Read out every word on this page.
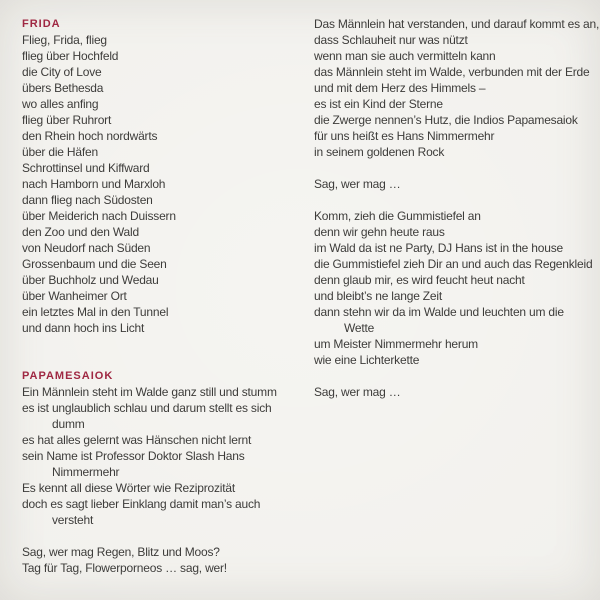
FRIDA
Flieg, Frida, flieg
flieg über Hochfeld
die City of Love
übers Bethesda
wo alles anfing
flieg über Ruhrort
den Rhein hoch nordwärts
über die Häfen
Schrottinsel und Kiffward
nach Hamborn und Marxloh
dann flieg nach Südosten
über Meiderich nach Duissern
den Zoo und den Wald
von Neudorf nach Süden
Grossenbaum und die Seen
über Buchholz und Wedau
über Wanheimer Ort
ein letztes Mal in den Tunnel
und dann hoch ins Licht
PAPAMESAIOK
Ein Männlein steht im Walde ganz still und stumm
es ist unglaublich schlau und darum stellt es sich
dumm
es hat alles gelernt was Hänschen nicht lernt
sein Name ist Professor Doktor Slash Hans
Nimmermehr
Es kennt all diese Wörter wie Reziprozität
doch es sagt lieber Einklang damit man’s auch
versteht
Sag, wer mag Regen, Blitz und Moos?
Tag für Tag, Flowerporneos … sag, wer!
Das Männlein hat verstanden, und darauf kommt es an,
dass Schlauheit nur was nützt
wenn man sie auch vermitteln kann
das Männlein steht im Walde, verbunden mit der Erde
und mit dem Herz des Himmels –
es ist ein Kind der Sterne
die Zwerge nennen’s Hutz, die Indios Papamesaiok
für uns heißt es Hans Nimmermehr
in seinem goldenen Rock
Sag, wer mag …
Komm, zieh die Gummistiefel an
denn wir gehn heute raus
im Wald da ist ne Party, DJ Hans ist in the house
die Gummistiefel zieh Dir an und auch das Regenkleid
denn glaub mir, es wird feucht heut nacht
und bleibt’s ne lange Zeit
dann stehn wir da im Walde und leuchten um die
Wette
um Meister Nimmermehr herum
wie eine Lichterkette
Sag, wer mag …
